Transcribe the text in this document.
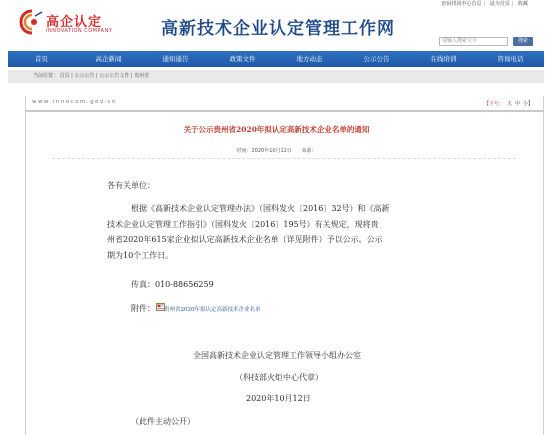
高企认定
INNOVATION COMPANY	高新技术企业认定管理工作网
密码找回中心首页 | 设为首页 | 收藏
请输入搜索文字	搜索
首页	高企新闻	通知通告	政策文件	地方动态	公示公告	在线培训	咨询电话
当前位置： 首页 | 公示公告 | 公示公告文件 | 贵州省
www.innocom.gov.cn	【字号： 大 中 小】
关于公示贵州省2020年拟认定高新技术企业名单的通知
时间：2020年10月12日 来源：
各有关单位：
根据《高新技术企业认定管理办法》（国科发火〔2016〕32号）和《高新
技术企业认定管理工作指引》（国科发火〔2016〕195号）有关规定，现将贵
州省2020年615家企业拟认定高新技术企业名单（详见附件）予以公示。公示
期为10个工作日。
传真：010-88656259
附件： 贵州省2020年拟认定高新技术企业名单
全国高新技术企业认定管理工作领导小组办公室
（科技部火炬中心代章）
2020年10月12日
（此件主动公开）
